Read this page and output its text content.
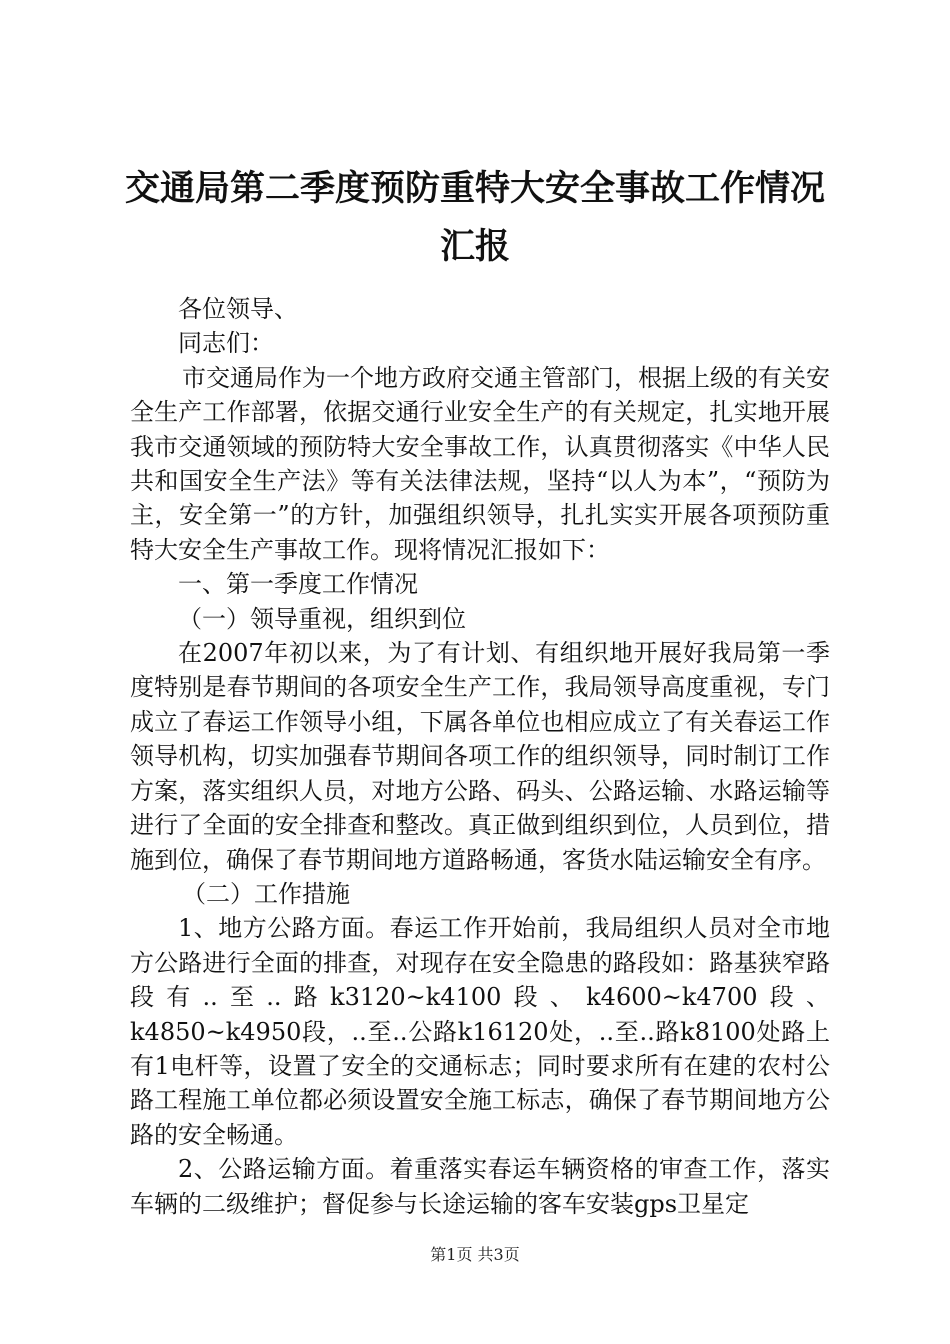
交通局第二季度预防重特大安全事故工作情况
汇报

各位领导、

同志们：

市交通局作为一个地方政府交通主管部门，根据上级的有关安全生产工作部署，依据交通行业安全生产的有关规定，扎实地开展我市交通领域的预防特大安全事故工作，认真贯彻落实《中华人民共和国安全生产法》等有关法律法规，坚持“以人为本”，“预防为主，安全第一”的方针，加强组织领导，扎扎实实开展各项预防重特大安全生产事故工作。现将情况汇报如下：

一、第一季度工作情况

（一）领导重视，组织到位

在2007年初以来，为了有计划、有组织地开展好我局第一季度特别是春节期间的各项安全生产工作，我局领导高度重视，专门成立了春运工作领导小组，下属各单位也相应成立了有关春运工作领导机构，切实加强春节期间各项工作的组织领导，同时制订工作方案，落实组织人员，对地方公路、码头、公路运输、水路运输等进行了全面的安全排查和整改。真正做到组织到位，人员到位，措施到位，确保了春节期间地方道路畅通，客货水陆运输安全有序。

（二）工作措施

1、地方公路方面。春运工作开始前，我局组织人员对全市地方公路进行全面的排查，对现存在安全隐患的路段如：路基狭窄路段有..至..路k3120~k4100段、k4600~k4700段、k4850~k4950段，..至..公路k16120处，..至..路k8100处路上有1电杆等，设置了安全的交通标志；同时要求所有在建的农村公路工程施工单位都必须设置安全施工标志，确保了春节期间地方公路的安全畅通。

2、公路运输方面。着重落实春运车辆资格的审查工作，落实车辆的二级维护；督促参与长途运输的客车安装gps卫星定

第1页 共3页
